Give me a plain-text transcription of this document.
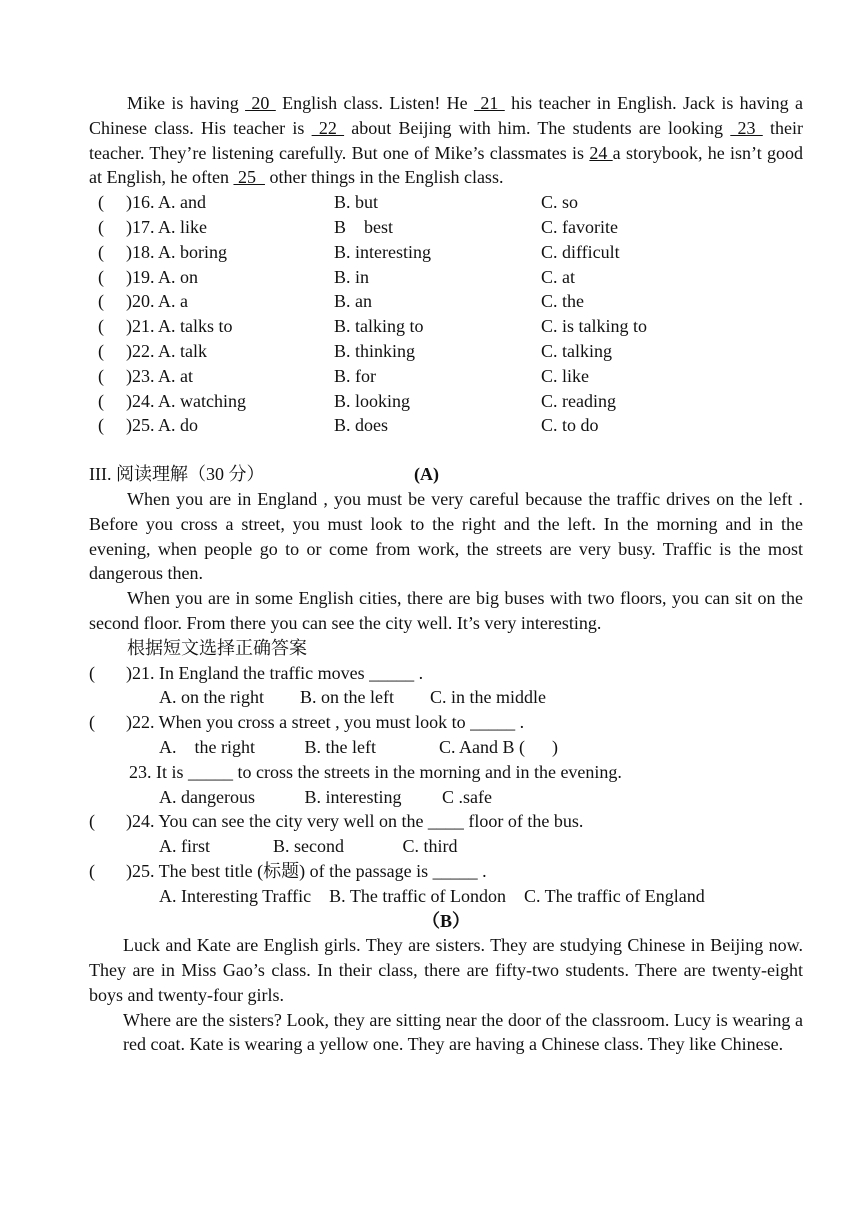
Mike is having  20  English class. Listen! He  21  his teacher in English. Jack is having a Chinese class. His teacher is  22  about Beijing with him. The students are looking  23  their teacher. They’re listening carefully. But one of Mike’s classmates is 24 a storybook, he isn’t good at English, he often  25   other things in the English class.
(	)16. A. and	B. but	C. so
(	)17. A. like	B    best	C. favorite
(	)18. A. boring	B. interesting	C. difficult
(	)19. A. on	B. in	C. at
(	)20. A. a	B. an	C. the
(	)21. A. talks to	B. talking to	C. is talking to
(	)22. A. talk	B. thinking	C. talking
(	)23. A. at	B. for	C. like
(	)24. A. watching	B. looking	C. reading
(	)25. A. do	B. does	C. to do
III. 阅读理解（30 分）	(A)
When you are in England , you must be very careful because the traffic drives on the left . Before you cross a street, you must look to the right and the left. In the morning and in the evening, when people go to or come from work, the streets are very busy. Traffic is the most dangerous then.
When you are in some English cities, there are big buses with two floors, you can sit on the second floor. From there you can see the city well. It’s very interesting.
根据短文选择正确答案
(	)21. In England the traffic moves _____ .
A. on the right        B. on the left        C. in the middle
(	)22. When you cross a street , you must look to _____ .
A.    the right           B. the left              C. Aand B (      )
23. It is _____ to cross the streets in the morning and in the evening.
A. dangerous           B. interesting         C .safe
(	)24. You can see the city very well on the ____ floor of the bus.
A. first              B. second             C. third
(	)25. The best title (标题) of the passage is _____ .
A. Interesting Traffic    B. The traffic of London    C. The traffic of England
（B）
Luck and Kate are English girls. They are sisters. They are studying Chinese in Beijing now. They are in Miss Gao’s class. In their class, there are fifty-two students. There are twenty-eight boys and twenty-four girls.
Where are the sisters? Look, they are sitting near the door of the classroom. Lucy is wearing a red coat. Kate is wearing a yellow one. They are having a Chinese class. They like Chinese.
